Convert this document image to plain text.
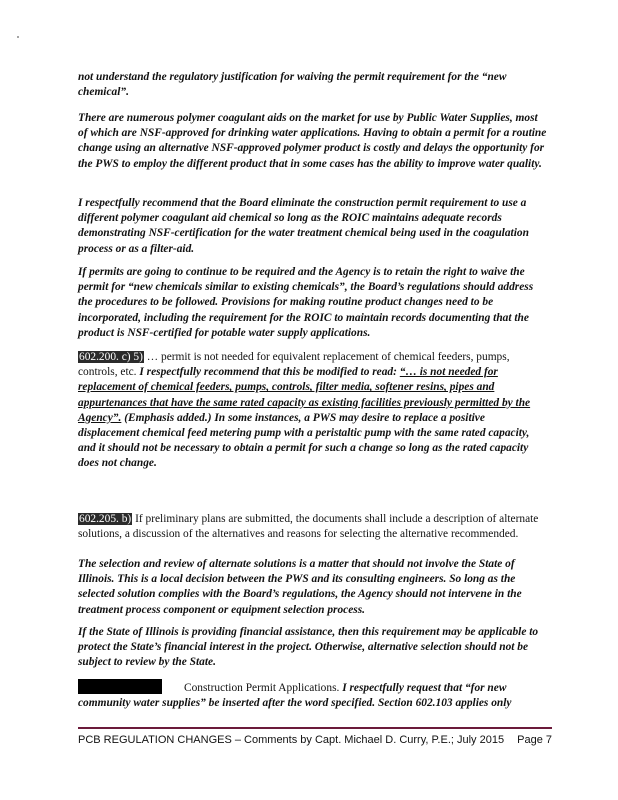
not understand the regulatory justification for waiving the permit requirement for the “new chemical”.
There are numerous polymer coagulant aids on the market for use by Public Water Supplies, most of which are NSF-approved for drinking water applications. Having to obtain a permit for a routine change using an alternative NSF-approved polymer product is costly and delays the opportunity for the PWS to employ the different product that in some cases has the ability to improve water quality.
I respectfully recommend that the Board eliminate the construction permit requirement to use a different polymer coagulant aid chemical so long as the ROIC maintains adequate records demonstrating NSF-certification for the water treatment chemical being used in the coagulation process or as a filter-aid.
If permits are going to continue to be required and the Agency is to retain the right to waive the permit for “new chemicals similar to existing chemicals”, the Board’s regulations should address the procedures to be followed. Provisions for making routine product changes need to be incorporated, including the requirement for the ROIC to maintain records documenting that the product is NSF-certified for potable water supply applications.
602.200. c) 5) … permit is not needed for equivalent replacement of chemical feeders, pumps, controls, etc. I respectfully recommend that this be modified to read: “… is not needed for replacement of chemical feeders, pumps, controls, filter media, softener resins, pipes and appurtenances that have the same rated capacity as existing facilities previously permitted by the Agency”. (Emphasis added.) In some instances, a PWS may desire to replace a positive displacement chemical feed metering pump with a peristaltic pump with the same rated capacity, and it should not be necessary to obtain a permit for such a change so long as the rated capacity does not change.
602.205. b) If preliminary plans are submitted, the documents shall include a description of alternate solutions, a discussion of the alternatives and reasons for selecting the alternative recommended.
The selection and review of alternate solutions is a matter that should not involve the State of Illinois. This is a local decision between the PWS and its consulting engineers. So long as the selected solution complies with the Board’s regulations, the Agency should not intervene in the treatment process component or equipment selection process.
If the State of Illinois is providing financial assistance, then this requirement may be applicable to protect the State’s financial interest in the project. Otherwise, alternative selection should not be subject to review by the State.
Construction Permit Applications. I respectfully request that “for new community water supplies” be inserted after the word specified. Section 602.103 applies only
PCB REGULATION CHANGES – Comments by Capt. Michael D. Curry, P.E.; July 2015 Page 7
